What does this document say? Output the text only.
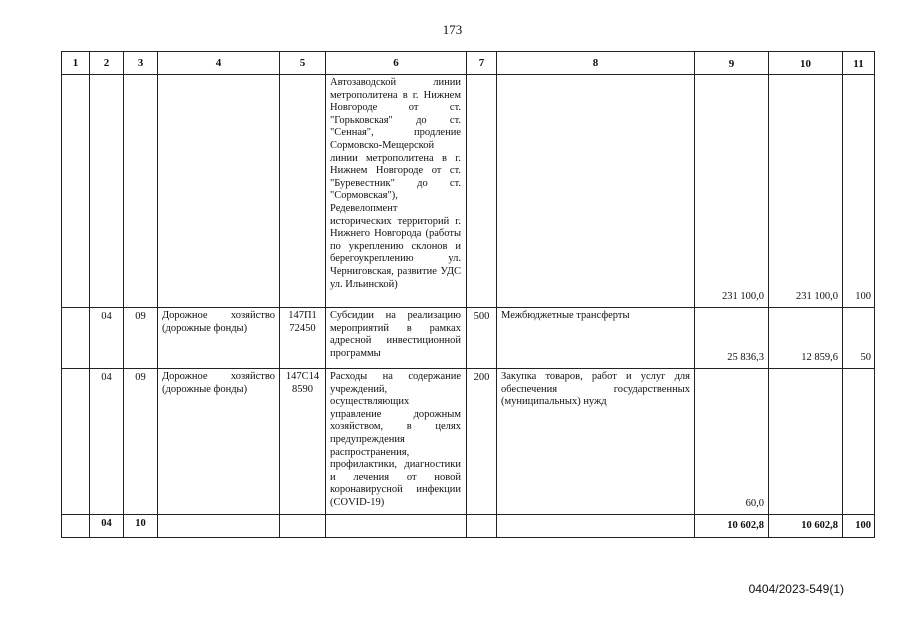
173
1	2	3	4	5	6	7	8	9	10	11
					Автозаводской линии метрополитена в г. Нижнем Новгороде от ст. "Горьковская" до ст. "Сенная", продление Сормовско-Мещерской линии метрополитена в г. Нижнем Новгороде от ст. "Буревестник" до ст. "Сормовская"), Редевелопмент исторических территорий г. Нижнего Новгорода (работы по укреплению склонов и берегоукреплению ул. Черниговская, развитие УДС ул. Ильинской)			231 100,0	231 100,0	100
	04	09	Дорожное хозяйство (дорожные фонды)	147П1 72450	Субсидии на реализацию мероприятий в рамках адресной инвестиционной программы	500	Межбюджетные трансферты	25 836,3	12 859,6	50
	04	09	Дорожное хозяйство (дорожные фонды)	147С14 8590	Расходы на содержание учреждений, осуществляющих управление дорожным хозяйством, в целях предупреждения распространения, профилактики, диагностики и лечения от новой коронавирусной инфекции (COVID-19)	200	Закупка товаров, работ и услуг для обеспечения государственных (муниципальных) нужд	60,0		
	04	10						10 602,8	10 602,8	100
0404/2023-549(1)
